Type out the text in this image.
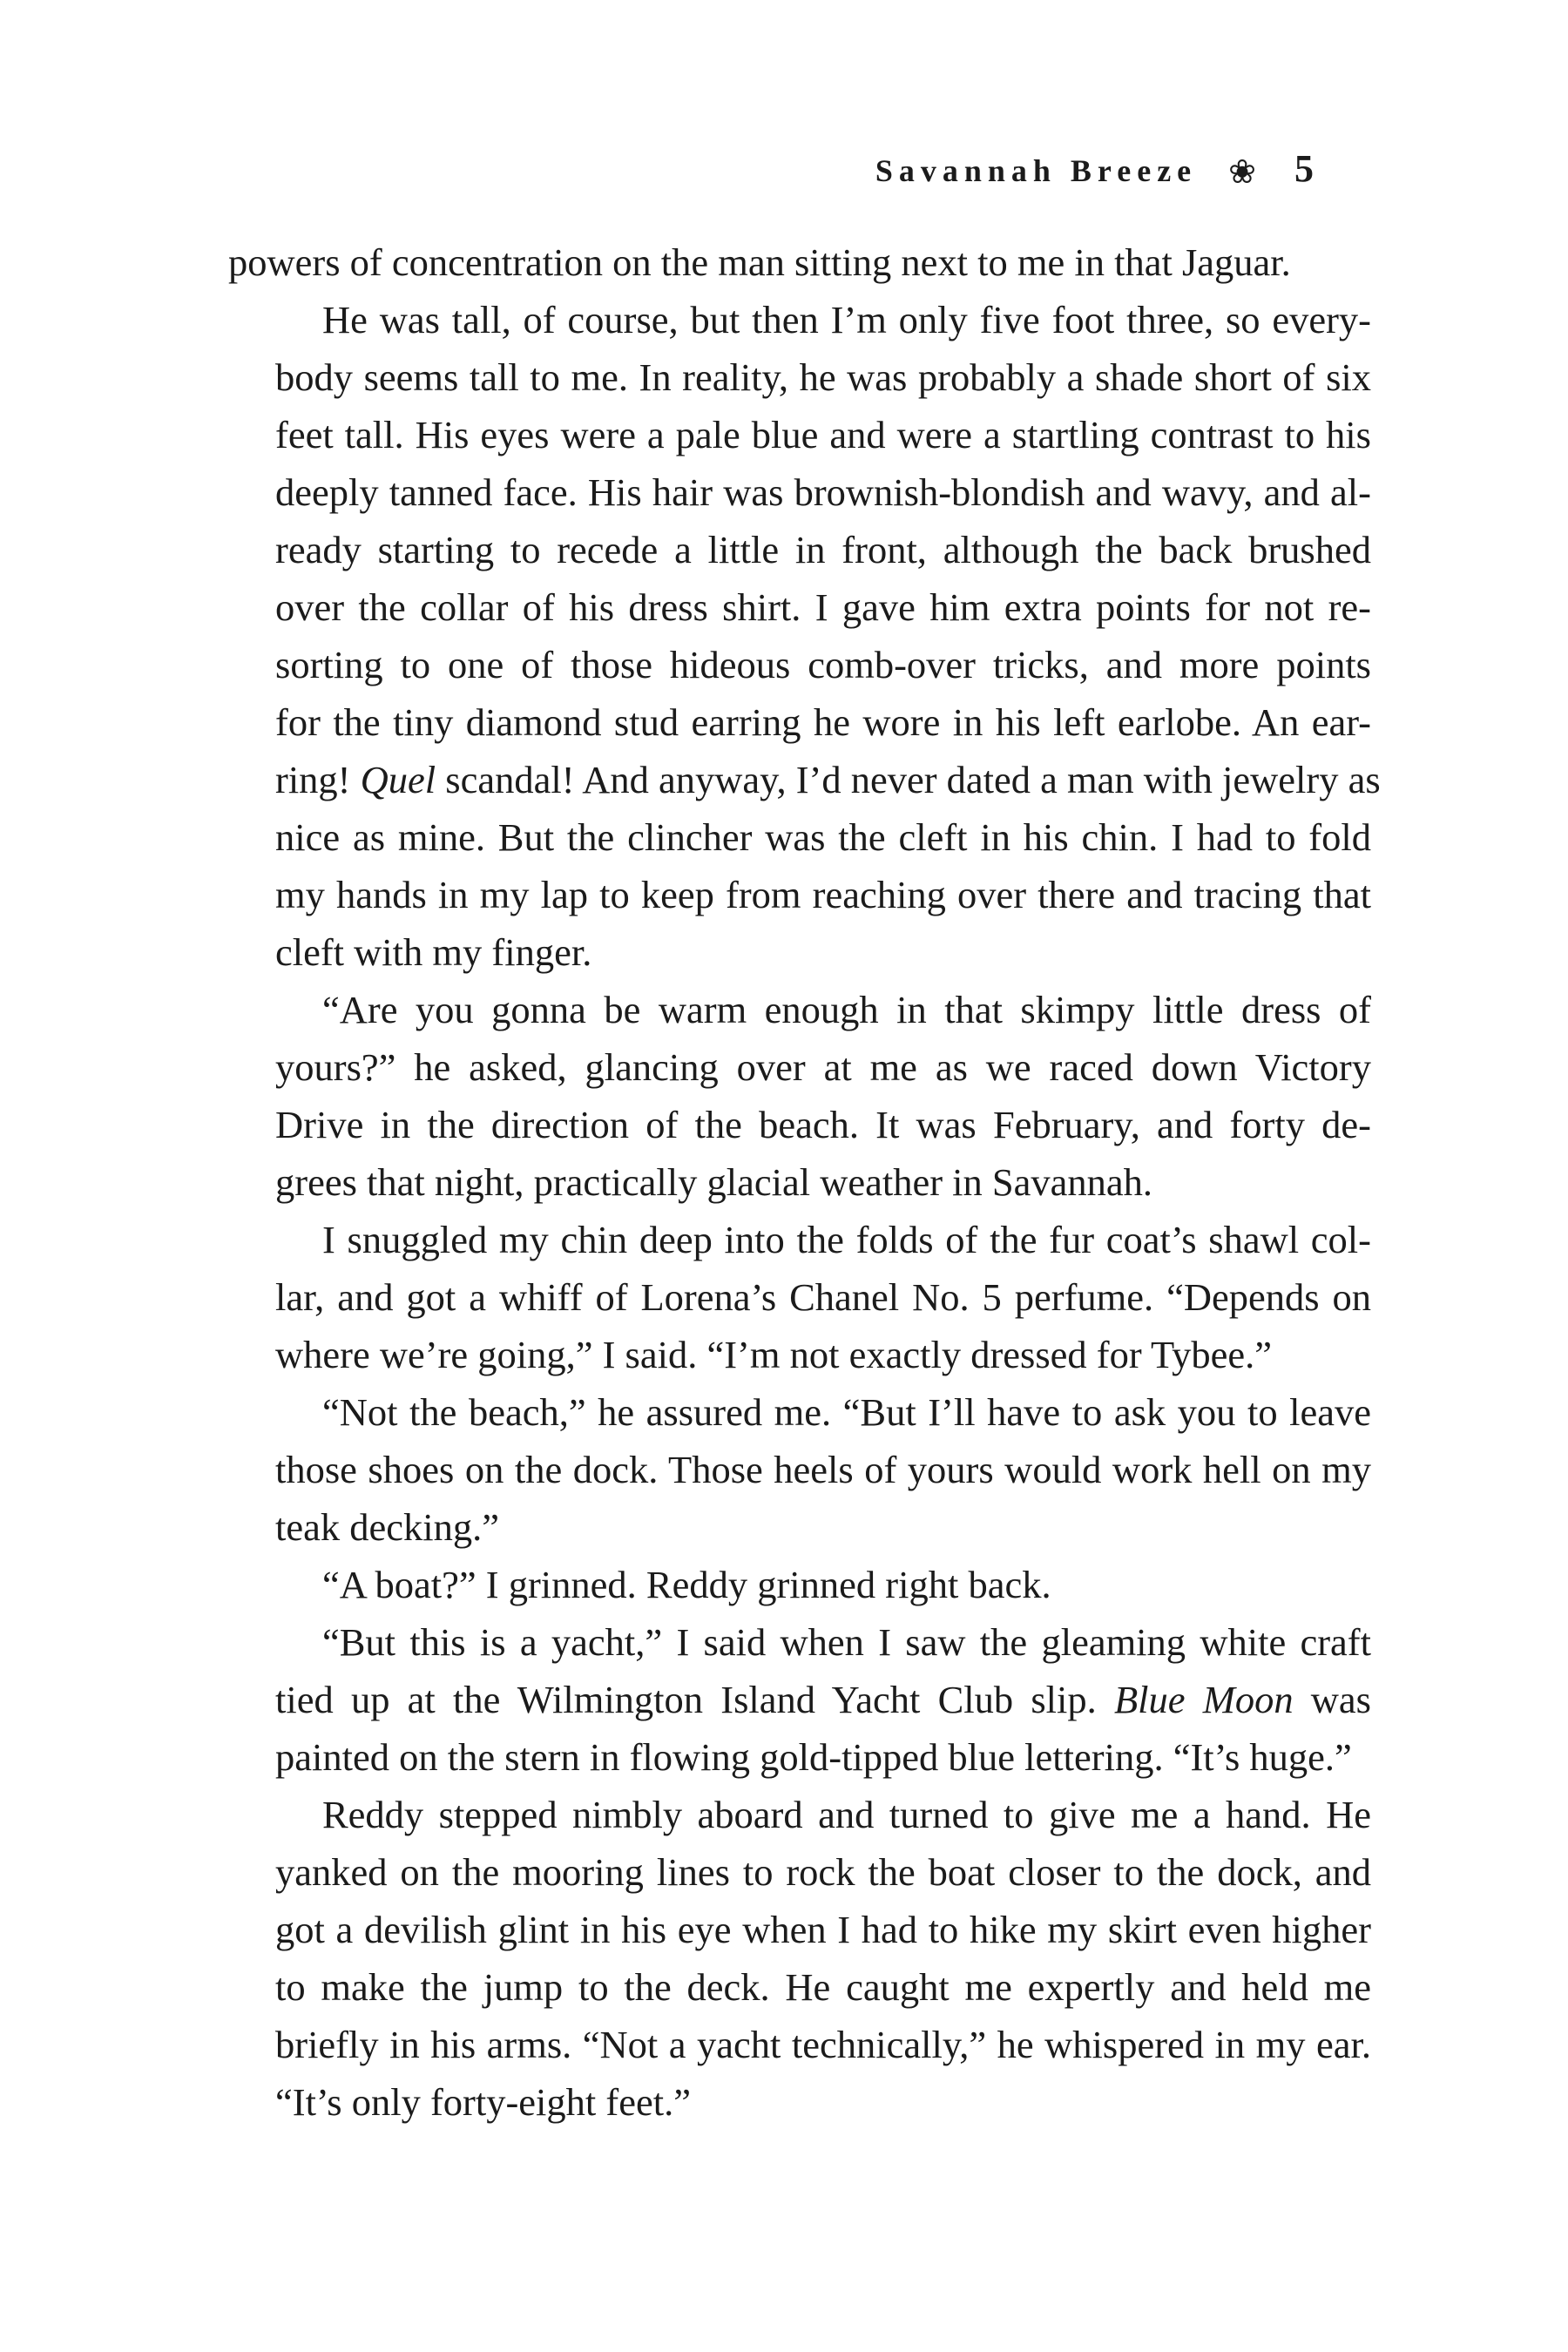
Savannah Breeze ❀ 5

powers of concentration on the man sitting next to me in that Jaguar.

He was tall, of course, but then I’m only five foot three, so every-
body seems tall to me. In reality, he was probably a shade short of six
feet tall. His eyes were a pale blue and were a startling contrast to his
deeply tanned face. His hair was brownish-blondish and wavy, and al-
ready starting to recede a little in front, although the back brushed
over the collar of his dress shirt. I gave him extra points for not re-
sorting to one of those hideous comb-over tricks, and more points
for the tiny diamond stud earring he wore in his left earlobe. An ear-
ring! Quel scandal! And anyway, I’d never dated a man with jewelry as
nice as mine. But the clincher was the cleft in his chin. I had to fold
my hands in my lap to keep from reaching over there and tracing that
cleft with my finger.

“Are you gonna be warm enough in that skimpy little dress of
yours?” he asked, glancing over at me as we raced down Victory
Drive in the direction of the beach. It was February, and forty de-
grees that night, practically glacial weather in Savannah.

I snuggled my chin deep into the folds of the fur coat’s shawl col-
lar, and got a whiff of Lorena’s Chanel No. 5 perfume. “Depends on
where we’re going,” I said. “I’m not exactly dressed for Tybee.”

“Not the beach,” he assured me. “But I’ll have to ask you to leave
those shoes on the dock. Those heels of yours would work hell on my
teak decking.”

“A boat?” I grinned. Reddy grinned right back.

“But this is a yacht,” I said when I saw the gleaming white craft
tied up at the Wilmington Island Yacht Club slip. Blue Moon was
painted on the stern in flowing gold-tipped blue lettering. “It’s huge.”

Reddy stepped nimbly aboard and turned to give me a hand. He
yanked on the mooring lines to rock the boat closer to the dock, and
got a devilish glint in his eye when I had to hike my skirt even higher
to make the jump to the deck. He caught me expertly and held me
briefly in his arms. “Not a yacht technically,” he whispered in my ear.
“It’s only forty-eight feet.”
